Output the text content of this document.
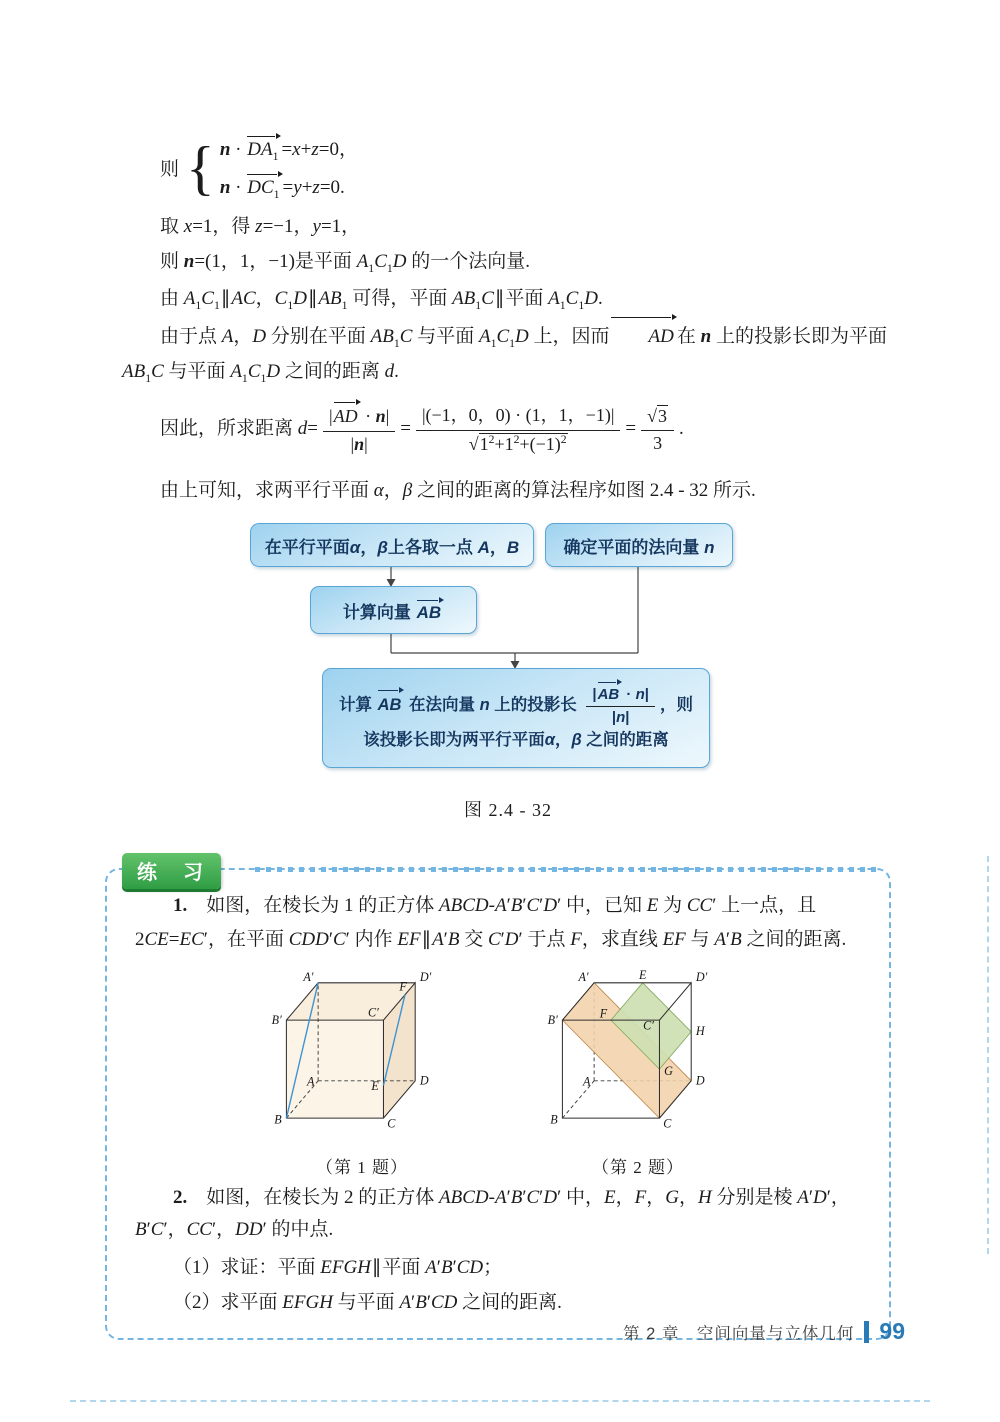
则 { $n \cdot DA_1 =x+z=0$，
$n \cdot DC_1 =y+z=0$.

取 x=1，得 z=−1，y=1，

则 n=(1，1，−1)是平面 $A_1C_1D$ 的一个法向量.

由 $A_1C_1\parallel AC$，$C_1D\parallel AB_1$ 可得，平面 $AB_1C\parallel$平面 $A_1C_1D$.

由于点 A，D 分别在平面 $AB_1C$ 与平面 $A_1C_1D$ 上，因而 AD 在 n 上的投影长即为平面 $AB_1C$ 与平面 $A_1C_1D$ 之间的距离 d.

因此，所求距离 $d= \frac{|AD \cdot n|}{|n|} = \frac{|(-1,0,0) \cdot (1,1,-1)|}{√1^2+1^2+(-1)^2} = \frac{√3}{3}$ .

由上可知，求两平行平面 α，β 之间的距离的算法程序如图 2.4 - 32 所示.

在平行平面α，β上各取一点 A，B	确定平面的法向量 n
计算向量 AB
计算 AB 在法向量 n 上的投影长 $\frac{|AB \cdot n|}{|n|}$ ，则
该投影长即为两平行平面α，β 之间的距离

图 2.4 - 32

练　习

1.　如图，在棱长为 1 的正方体 ABCD-A′B′C′D′ 中，已知 E 为 CC′ 上一点，且 2CE=EC′，在平面 CDD′C′ 内作 EF∥A′B 交 C′D′ 于点 F，求直线 EF 与 A′B 之间的距离.

A′	D′
F
B′
C′
A	D
E
B	C
（第 1 题）
A′	E	D′
B′	F
C′	H
A
G
D
B	C
（第 2 题）

2.　如图，在棱长为 2 的正方体 ABCD-A′B′C′D′ 中，E，F，G，H 分别是棱 A′D′，B′C′，CC′，DD′ 的中点.

（1）求证：平面 EFGH∥平面 A′B′CD；

（2）求平面 EFGH 与平面 A′B′CD 之间的距离.

第 2 章　空间向量与立体几何 99
